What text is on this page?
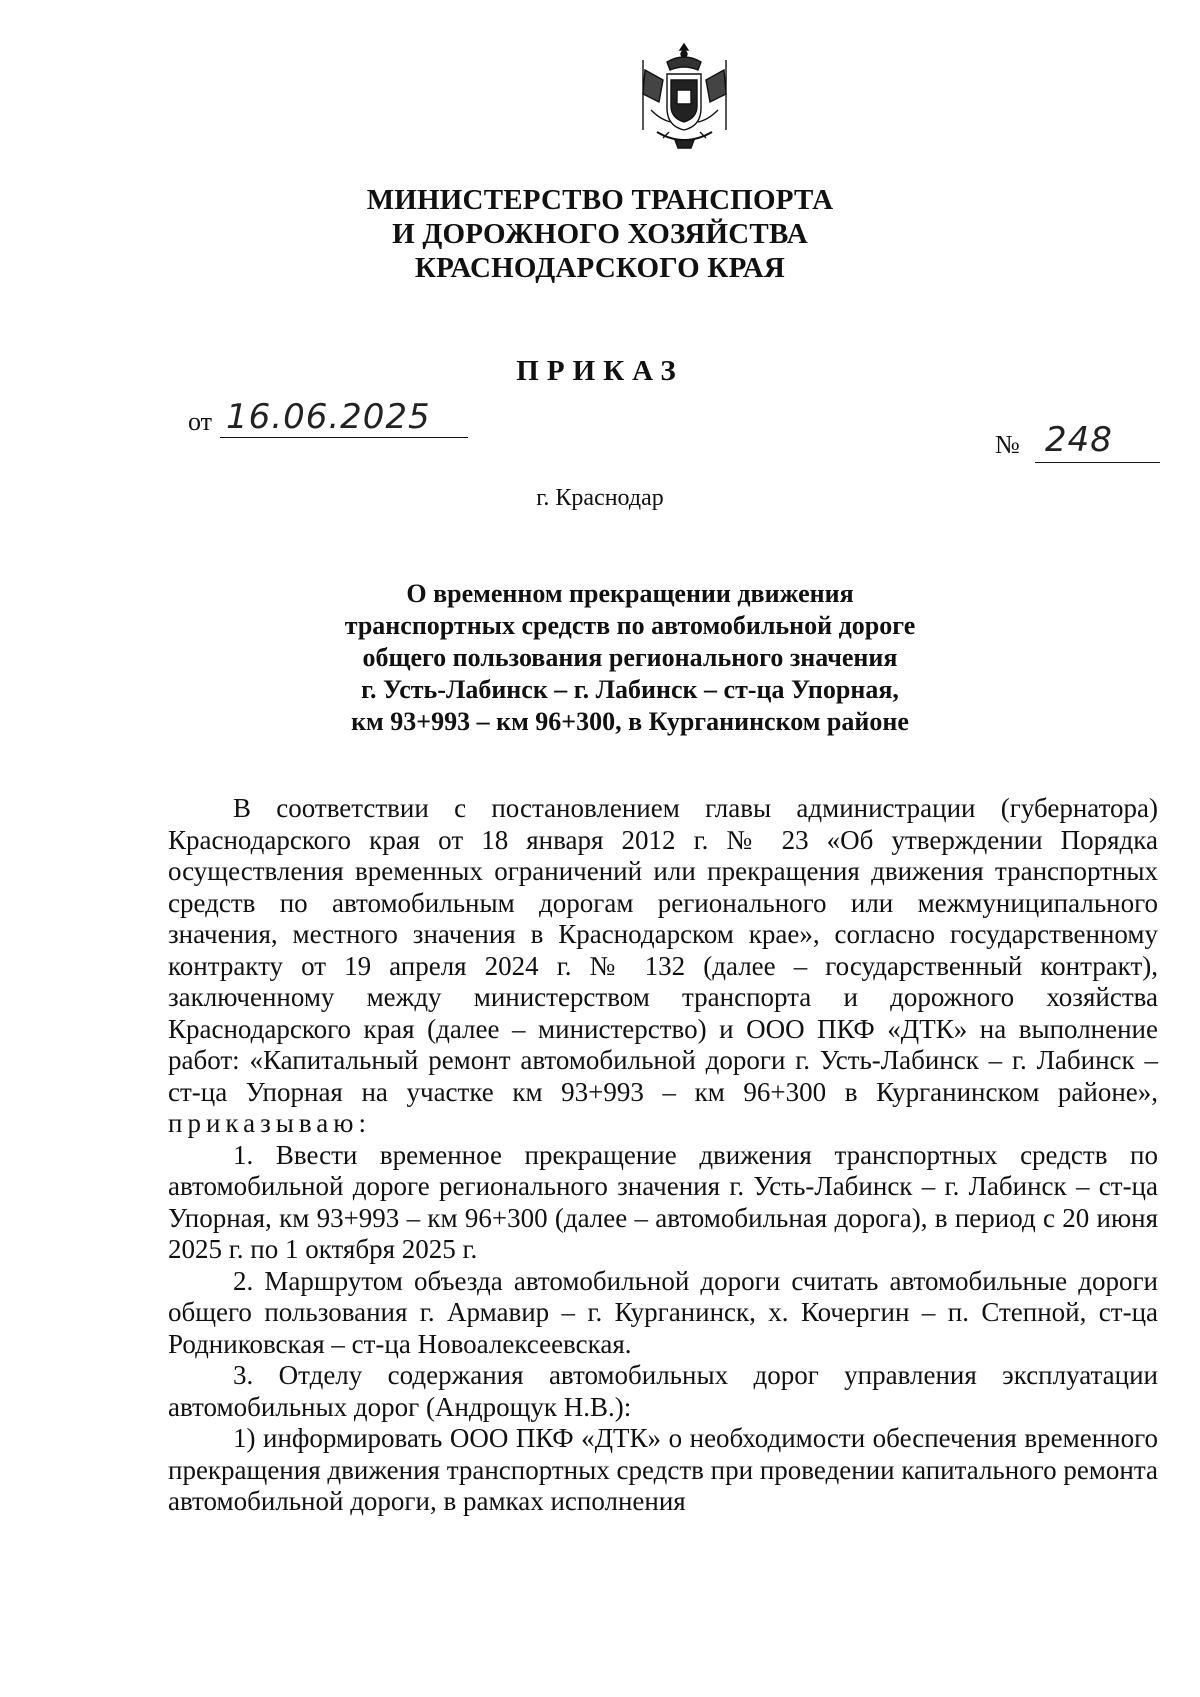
МИНИСТЕРСТВО ТРАНСПОРТА
И ДОРОЖНОГО ХОЗЯЙСТВА
КРАСНОДАРСКОГО КРАЯ
ПРИКАЗ
от 16.06.2025
№ 248
г. Краснодар
О временном прекращении движения
транспортных средств по автомобильной дороге
общего пользования регионального значения
г. Усть-Лабинск – г. Лабинск – ст-ца Упорная,
км 93+993 – км 96+300, в Курганинском районе

В соответствии с постановлением главы администрации (губернатора) Краснодарского края от 18 января 2012 г. № 23 «Об утверждении Порядка осуществления временных ограничений или прекращения движения транспортных средств по автомобильным дорогам регионального или межмуниципального значения, местного значения в Краснодарском крае», согласно государственному контракту от 19 апреля 2024 г. № 132 (далее – государственный контракт), заключенному между министерством транспорта и дорожного хозяйства Краснодарского края (далее – министерство) и ООО ПКФ «ДТК» на выполнение работ: «Капитальный ремонт автомобильной дороги г. Усть-Лабинск – г. Лабинск – ст-ца Упорная на участке км 93+993 – км 96+300 в Курганинском районе», приказываю:

1. Ввести временное прекращение движения транспортных средств по автомобильной дороге регионального значения г. Усть-Лабинск – г. Лабинск – ст-ца Упорная, км 93+993 – км 96+300 (далее – автомобильная дорога), в период с 20 июня 2025 г. по 1 октября 2025 г.

2. Маршрутом объезда автомобильной дороги считать автомобильные дороги общего пользования г. Армавир – г. Курганинск, х. Кочергин – п. Степной, ст-ца Родниковская – ст-ца Новоалексеевская.

3. Отделу содержания автомобильных дорог управления эксплуатации автомобильных дорог (Андрощук Н.В.):

1) информировать ООО ПКФ «ДТК» о необходимости обеспечения временного прекращения движения транспортных средств при проведении капитального ремонта автомобильной дороги, в рамках исполнения
